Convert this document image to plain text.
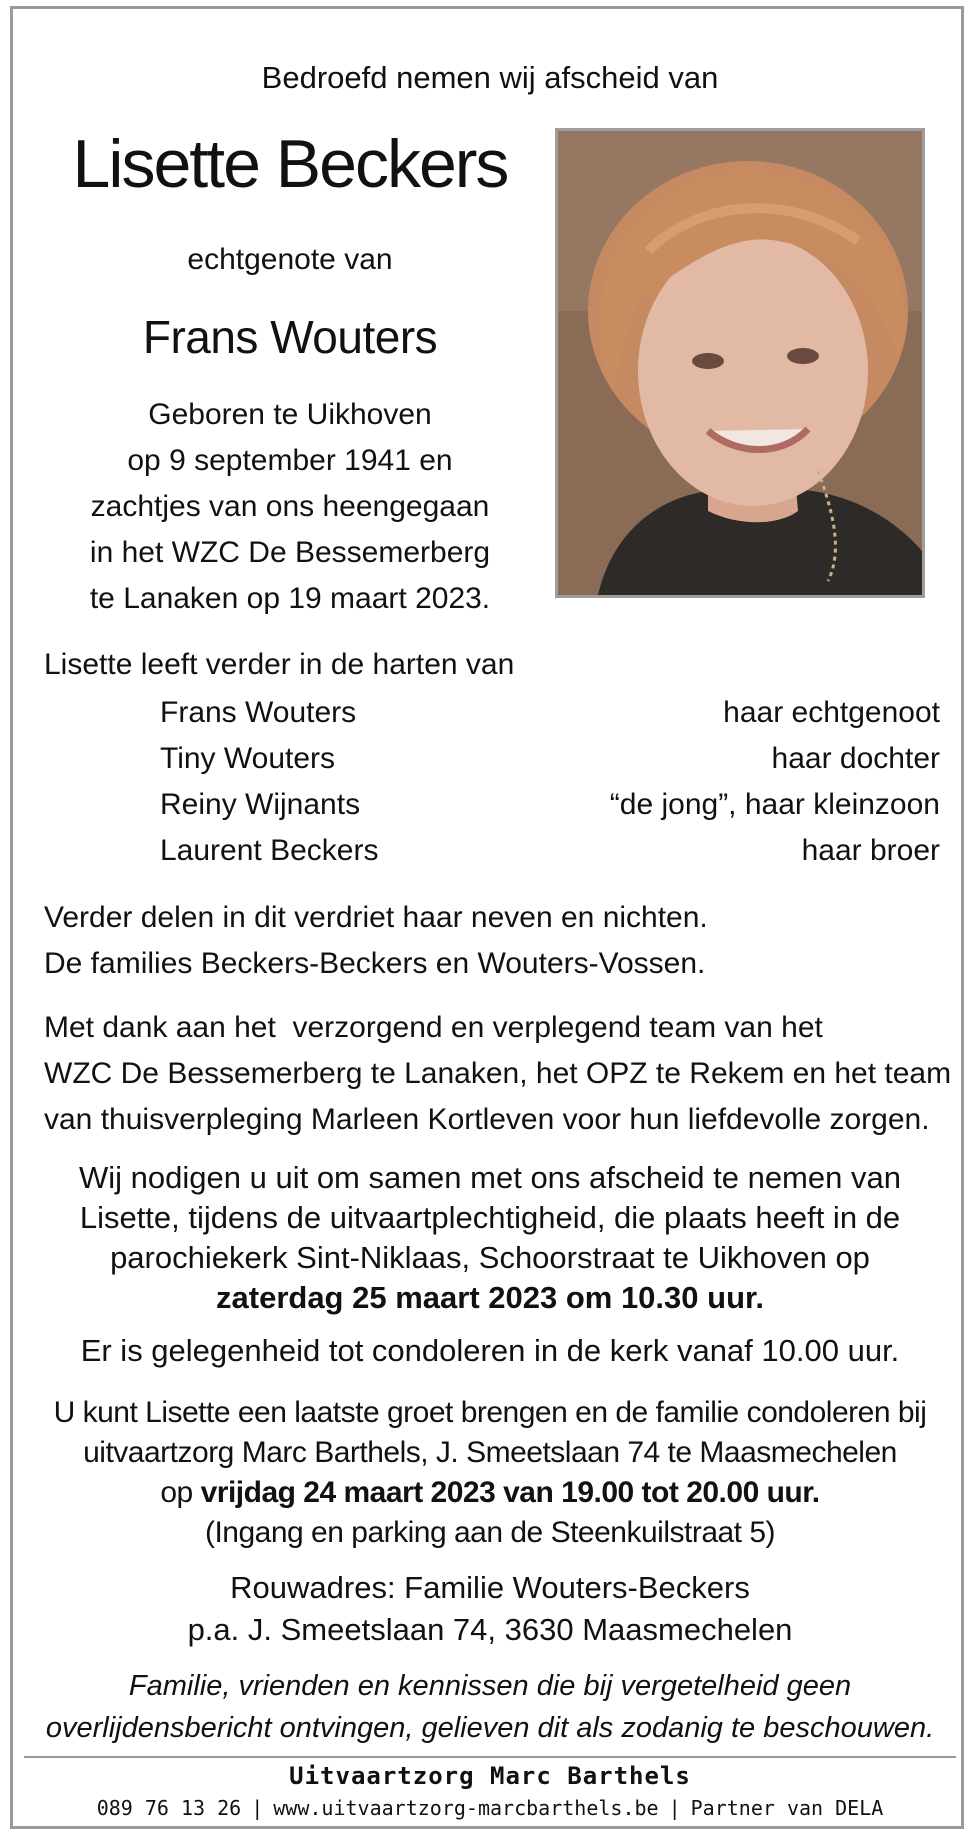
Bedroefd nemen wij afscheid van
Lisette Beckers
echtgenote van
Frans Wouters
Geboren te Uikhoven
op 9 september 1941 en
zachtjes van ons heengegaan
in het WZC De Bessemerberg
te Lanaken op 19 maart 2023.
Lisette leeft verder in de harten van
Frans Wouters	haar echtgenoot
Tiny Wouters	haar dochter
Reiny Wijnants	“de jong”, haar kleinzoon
Laurent Beckers	haar broer
Verder delen in dit verdriet haar neven en nichten.
De families Beckers-Beckers en Wouters-Vossen.
Met dank aan het  verzorgend en verplegend team van het
WZC De Bessemerberg te Lanaken, het OPZ te Rekem en het team
van thuisverpleging Marleen Kortleven voor hun liefdevolle zorgen.
Wij nodigen u uit om samen met ons afscheid te nemen van
Lisette, tijdens de uitvaartplechtigheid, die plaats heeft in de
parochiekerk Sint-Niklaas, Schoorstraat te Uikhoven op
zaterdag 25 maart 2023 om 10.30 uur.
Er is gelegenheid tot condoleren in de kerk vanaf 10.00 uur.
U kunt Lisette een laatste groet brengen en de familie condoleren bij
uitvaartzorg Marc Barthels, J. Smeetslaan 74 te Maasmechelen
op vrijdag 24 maart 2023 van 19.00 tot 20.00 uur.
(Ingang en parking aan de Steenkuilstraat 5)
Rouwadres: Familie Wouters-Beckers
p.a. J. Smeetslaan 74, 3630 Maasmechelen
Familie, vrienden en kennissen die bij vergetelheid geen
overlijdensbericht ontvingen, gelieven dit als zodanig te beschouwen.
Uitvaartzorg Marc Barthels
089 76 13 26 | www.uitvaartzorg-marcbarthels.be | Partner van DELA
